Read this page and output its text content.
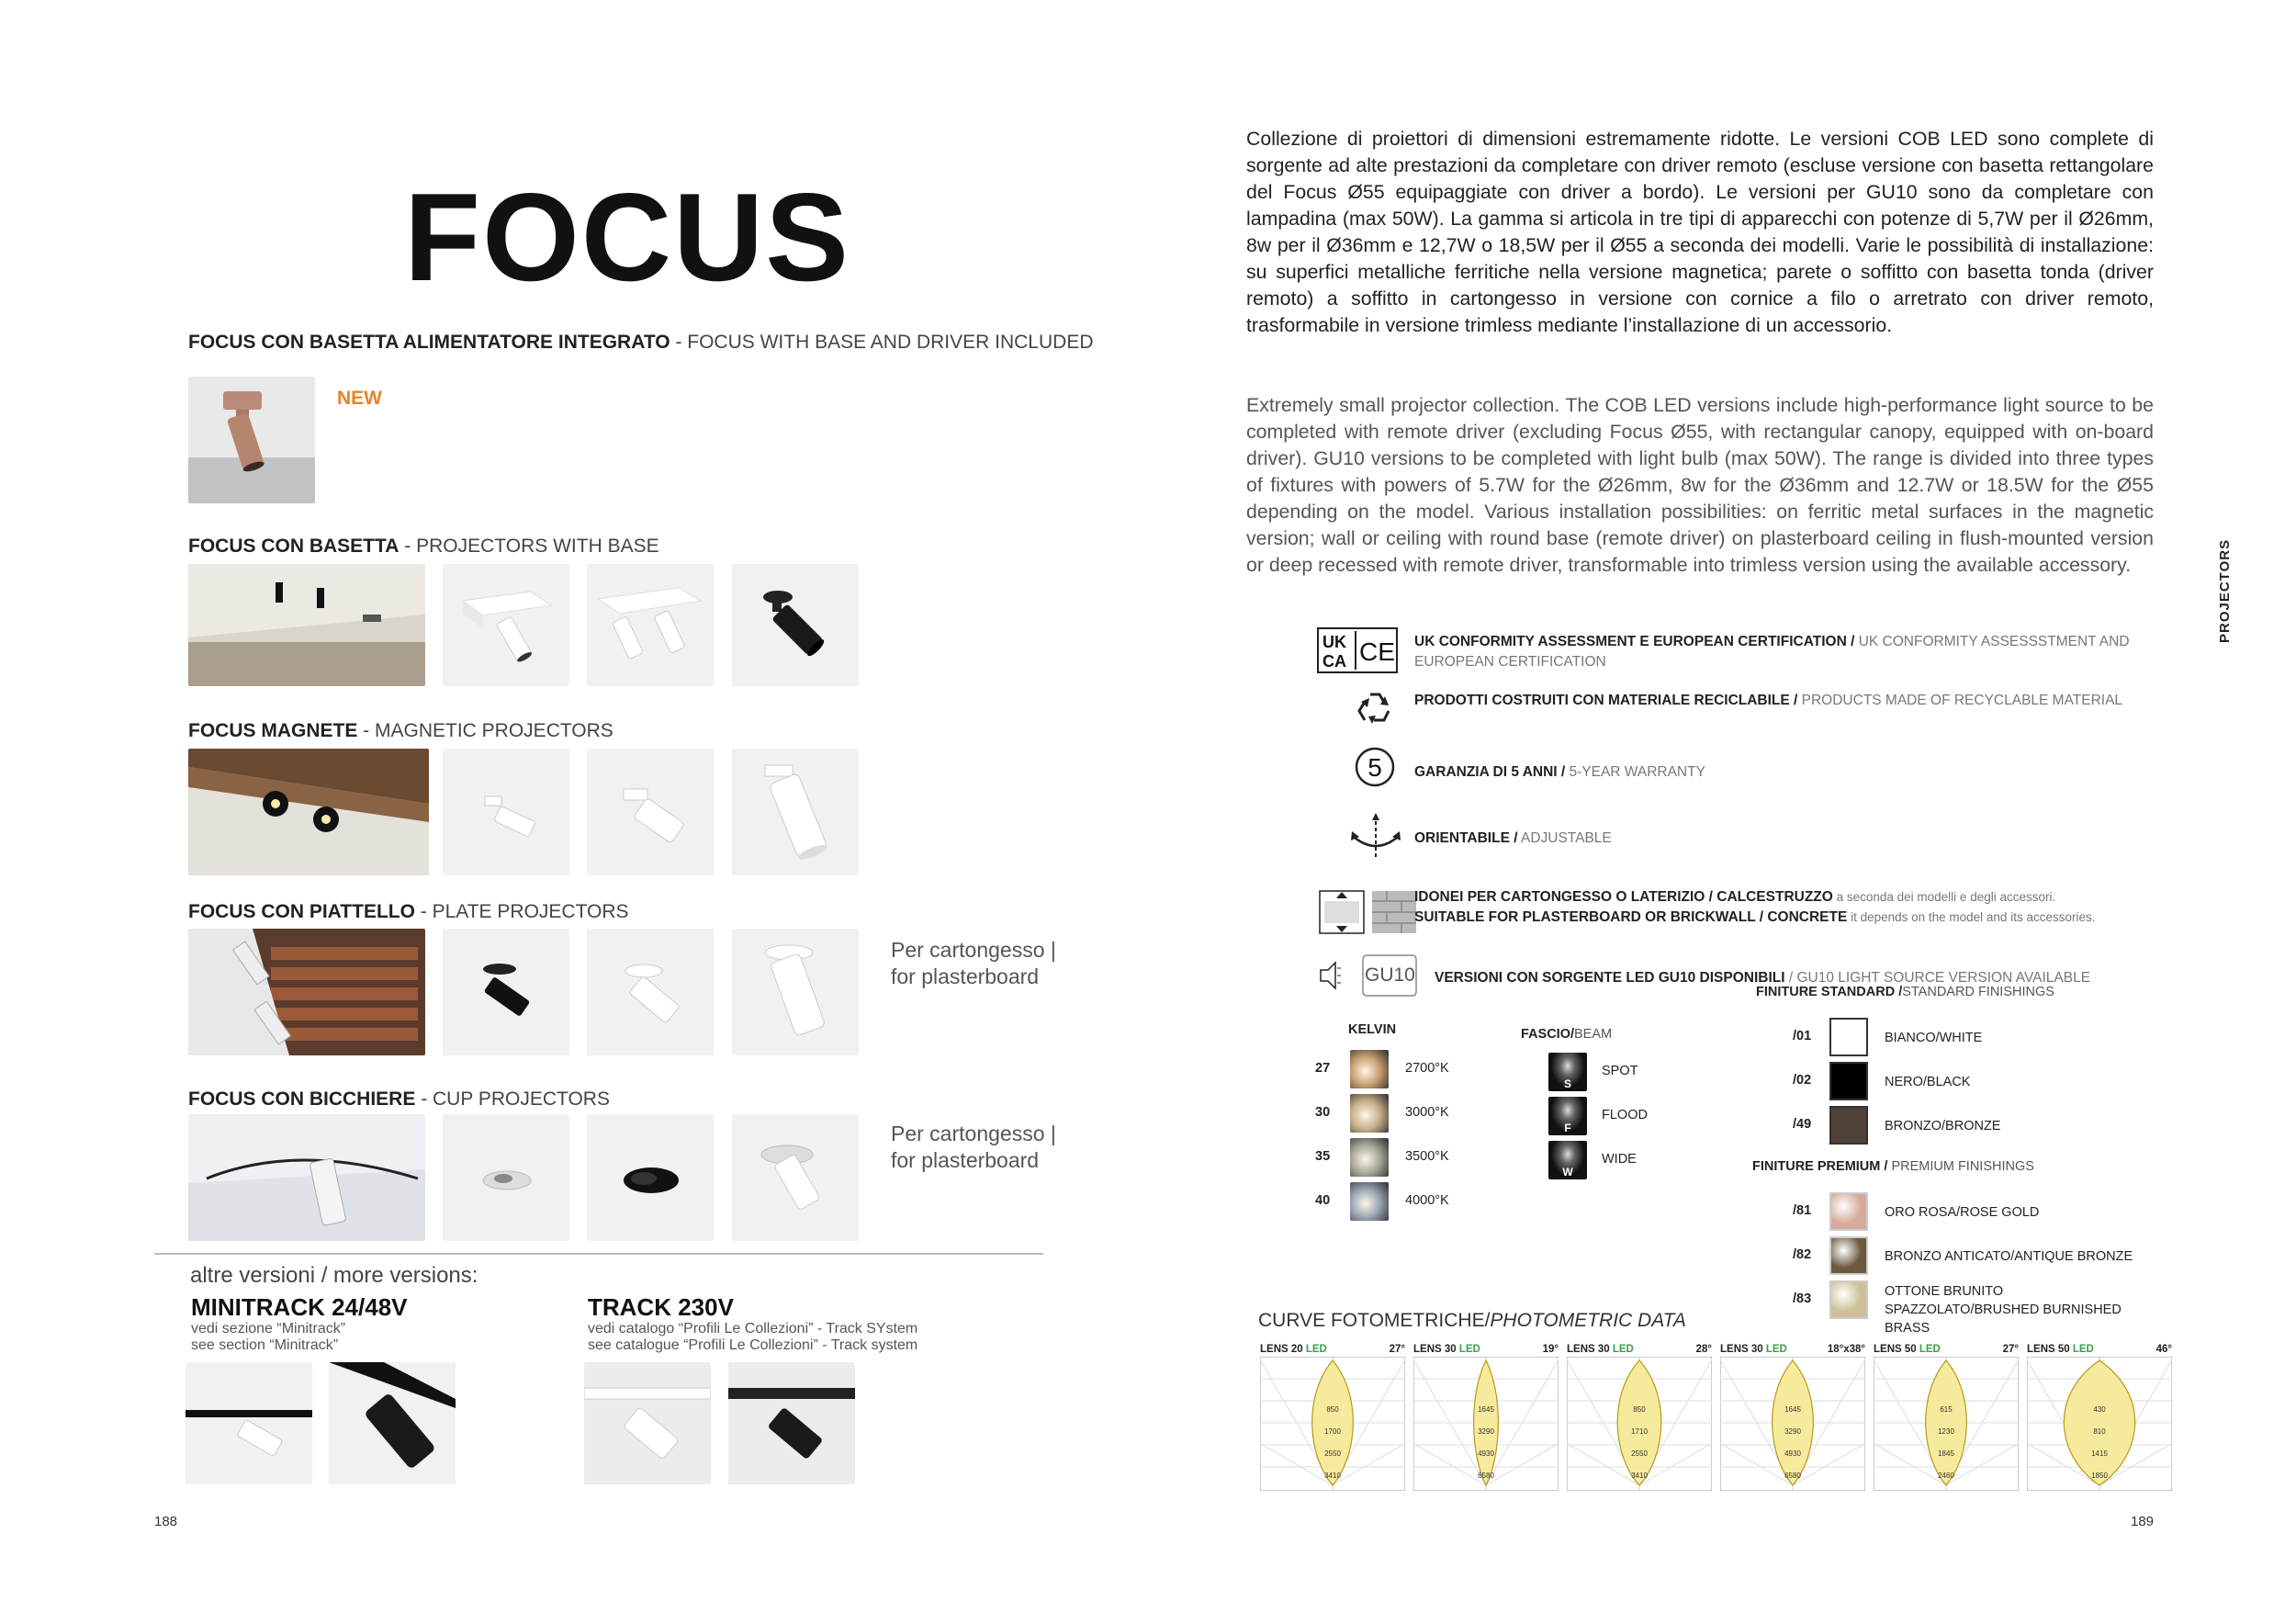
FOCUS
FOCUS CON BASETTA ALIMENTATORE INTEGRATO - FOCUS WITH BASE AND DRIVER INCLUDED
NEW
FOCUS CON BASETTA - PROJECTORS WITH BASE
FOCUS MAGNETE - MAGNETIC PROJECTORS
FOCUS CON PIATTELLO - PLATE PROJECTORS
Per cartongesso | for plasterboard
FOCUS CON BICCHIERE - CUP PROJECTORS
Per cartongesso | for plasterboard
altre versioni / more versions:
MINITRACK 24/48V
vedi sezione “Minitrack”
see section “Minitrack”
TRACK 230V
vedi catalogo “Profili Le Collezioni” - Track SYstem
see catalogue “Profili Le Collezioni” - Track system
188
Collezione di proiettori di dimensioni estremamente ridotte. Le versioni COB LED sono complete di sorgente ad alte prestazioni da completare con driver remoto (escluse versione con basetta rettangolare del Focus Ø55 equipaggiate con driver a bordo). Le versioni per GU10 sono da completare con lampadina (max 50W). La gamma si articola in tre tipi di apparecchi con potenze di 5,7W per il Ø26mm, 8w per il Ø36mm e 12,7W o 18,5W per il Ø55 a seconda dei modelli. Varie le possibilità di installazione: su superfici metalliche ferritiche nella versione magnetica; parete o soffitto con basetta tonda (driver remoto) a soffitto in cartongesso in versione con cornice a filo o arretrato con driver remoto, trasformabile in versione trimless mediante l’installazione di un accessorio.
Extremely small projector collection. The COB LED versions include high-performance light source to be completed with remote driver (excluding Focus Ø55, with rectangular canopy, equipped with on-board driver). GU10 versions to be completed with light bulb (max 50W). The range is divided into three types of fixtures with powers of 5.7W for the Ø26mm, 8w for the Ø36mm and 12.7W or 18.5W for the Ø55 depending on the model. Various installation possibilities: on ferritic metal surfaces in the magnetic version; wall or ceiling with round base (remote driver) on plasterboard ceiling in flush-mounted version or deep recessed with remote driver, transformable into trimless version using the available accessory.	PROJECTORS
UK
CA CE UK CONFORMITY ASSESSMENT E EUROPEAN CERTIFICATION / UK CONFORMITY ASSESSSTMENT AND EUROPEAN CERTIFICATION
PRODOTTI COSTRUITI CON MATERIALE RECICLABILE / PRODUCTS MADE OF RECYCLABLE MATERIAL
5 GARANZIA DI 5 ANNI / 5-YEAR WARRANTY
ORIENTABILE / ADJUSTABLE
IDONEI PER CARTONGESSO O LATERIZIO / CALCESTRUZZO a seconda dei modelli e degli accessori.
SUITABLE FOR PLASTERBOARD OR BRICKWALL / CONCRETE it depends on the model and its accessories.
GU10 VERSIONI CON SORGENTE LED GU10 DISPONIBILI / GU10 LIGHT SOURCE VERSION AVAILABLE
KELVIN
27	2700°K
30	3000°K
35	3500°K
40	4000°K
FASCIO/BEAM
S
SPOT
F
FLOOD
W
WIDE
FINITURE STANDARD /STANDARD FINISHINGS
/01	BIANCO/WHITE
/02	NERO/BLACK
/49	BRONZO/BRONZE
FINITURE PREMIUM / PREMIUM FINISHINGS
/81	ORO ROSA/ROSE GOLD
/82	BRONZO ANTICATO/ANTIQUE BRONZE
/83	OTTONE BRUNITO SPAZZOLATO/BRUSHED BURNISHED BRASS
CURVE FOTOMETRICHE/PHOTOMETRIC DATA
LENS 20 LED	27°
850
1700
2550
3410
LENS 30 LED	19°
1645
3290
4930
6580
LENS 30 LED	28°
850
1710
2550
3410
LENS 30 LED	18°x38°
1645
3290
4930
6580
LENS 50 LED	27°
615
1230
1845
2460
LENS 50 LED	46°
430
810
1415
1850
189
